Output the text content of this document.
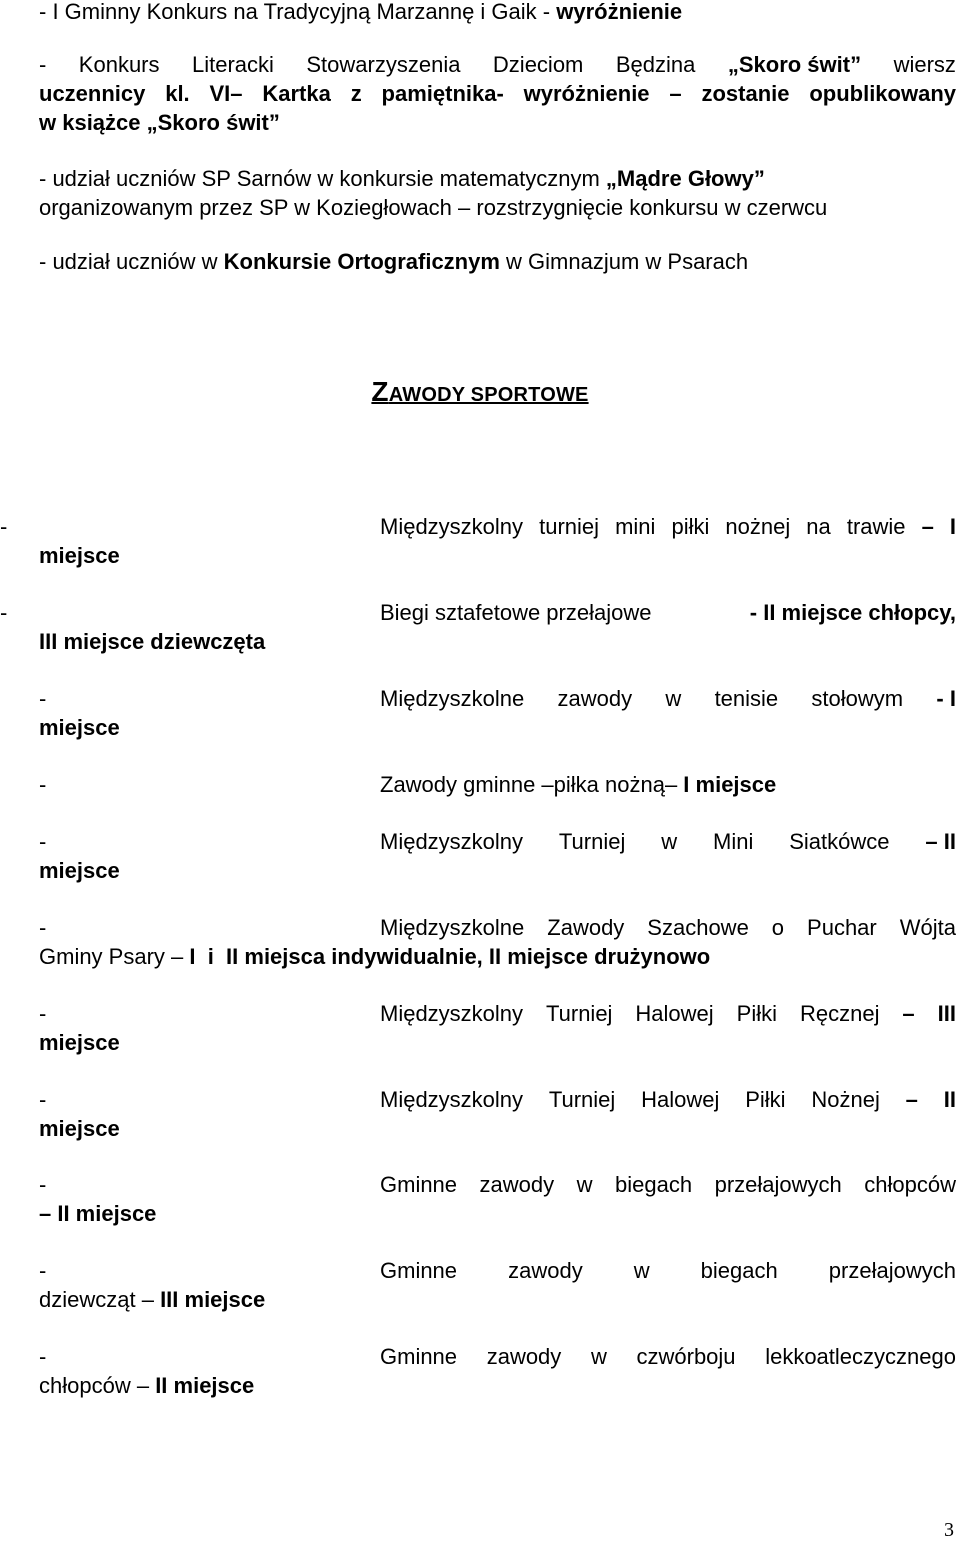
- I Gminny Konkurs na Tradycyjną Marzannę i Gaik - wyróżnienie
- Konkurs Literacki Stowarzyszenia Dzieciom Będzina „Skoro świt” wiersz
uczennicy kl. VI– Kartka z pamiętnika- wyróżnienie – zostanie opublikowany
w książce „Skoro świt”
- udział uczniów SP Sarnów w konkursie matematycznym „Mądre Głowy”
organizowanym przez SP w Koziegłowach – rozstrzygnięcie konkursu w czerwcu
- udział uczniów w Konkursie Ortograficznym w Gimnazjum w Psarach
ZAWODY SPORTOWE
-	Międzyszkolny turniej mini piłki nożnej na trawie – I
miejsce
-	Biegi sztafetowe przełajowe	- II miejsce chłopcy,
III miejsce dziewczęta
-	Międzyszkolne zawody w tenisie stołowym - I
miejsce
-	Zawody gminne –piłka nożną– I miejsce
-	Międzyszkolny Turniej w Mini Siatkówce – II
miejsce
-	Międzyszkolne Zawody Szachowe o Puchar Wójta
Gminy Psary – I  i  II miejsca indywidualnie, II miejsce drużynowo
-	Międzyszkolny Turniej Halowej Piłki Ręcznej – III
miejsce
-	Międzyszkolny Turniej Halowej Piłki Nożnej – II
miejsce
-	Gminne zawody w biegach przełajowych chłopców
– II miejsce
-	Gminne zawody w biegach przełajowych
dziewcząt – III miejsce
-	Gminne zawody w czwórboju lekkoatleczycznego
chłopców – II miejsce
3
